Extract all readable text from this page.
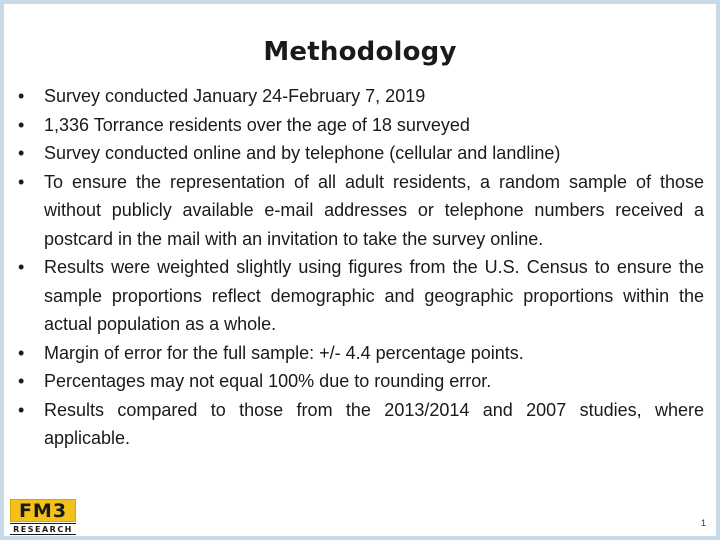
Methodology
• Survey conducted January 24-February 7, 2019
• 1,336 Torrance residents over the age of 18 surveyed
• Survey conducted online and by telephone (cellular and landline)
• To ensure the representation of all adult residents, a random sample of those without publicly available e-mail addresses or telephone numbers received a postcard in the mail with an invitation to take the survey online.
• Results were weighted slightly using figures from the U.S. Census to ensure the sample proportions reflect demographic and geographic proportions within the actual population as a whole.
• Margin of error for the full sample: +/- 4.4 percentage points.
• Percentages may not equal 100% due to rounding error.
• Results compared to those from the 2013/2014 and 2007 studies, where applicable.
FM3
RESEARCH
1
